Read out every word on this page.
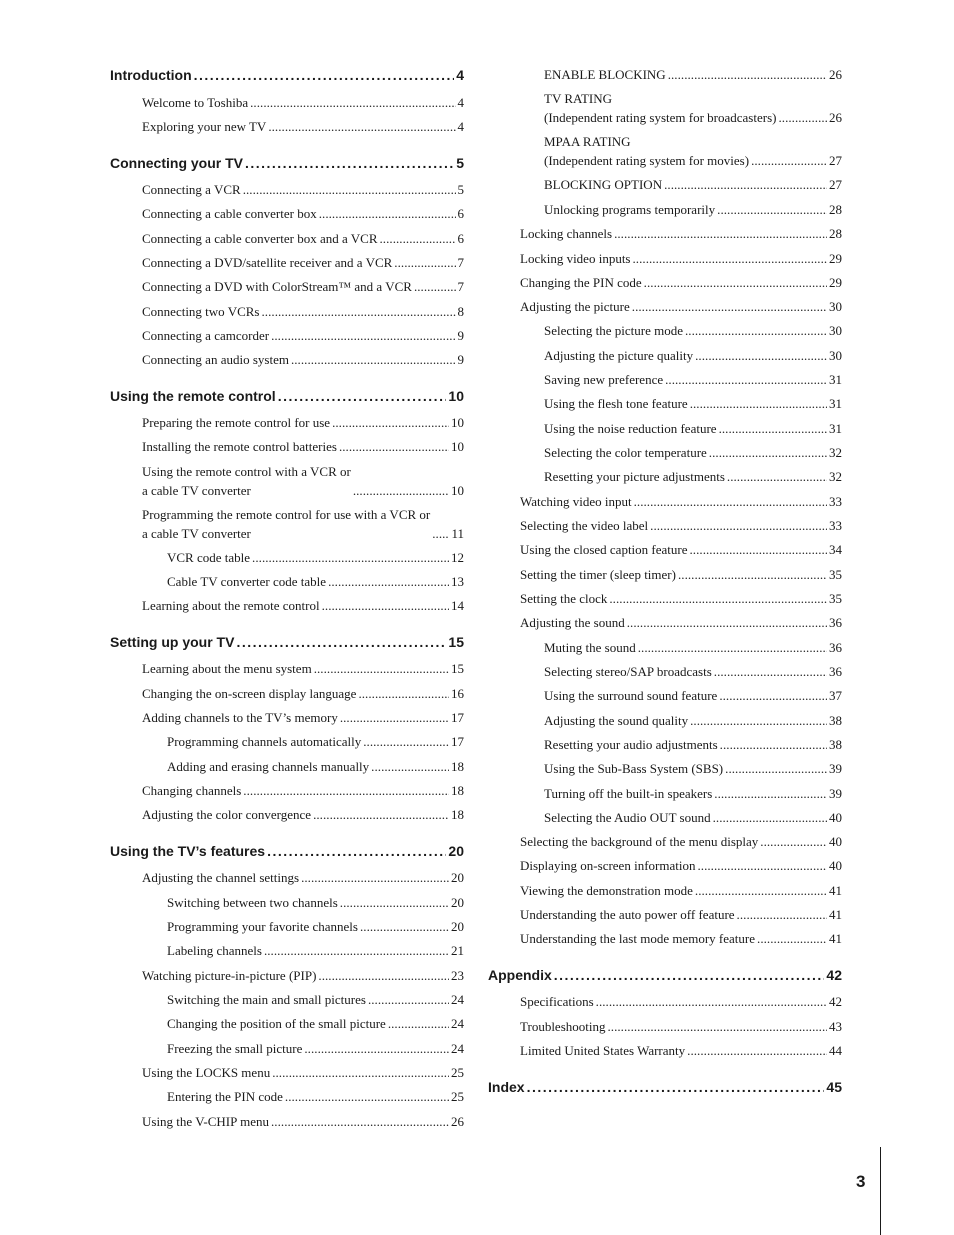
Introduction . . .	4
Welcome to Toshiba . . .	4
Exploring your new TV . . .	4
Connecting your TV . . .	5
Connecting a VCR . . .	5
Connecting a cable converter box . . .	6
Connecting a cable converter box and a VCR . . .	6
Connecting a DVD/satellite receiver and a VCR . . .	7
Connecting a DVD with ColorStream™ and a VCR . . .	7
Connecting two VCRs . . .	8
Connecting a camcorder . . .	9
Connecting an audio system . . .	9
Using the remote control . . .	10
Preparing the remote control for use . . .	10
Installing the remote control batteries . . .	10
Using the remote control with a VCR or
a cable TV converter . . .	10
Programming the remote control for use with a VCR or
a cable TV converter . . .	11
VCR code table . . .	12
Cable TV converter code table . . .	13
Learning about the remote control . . .	14
Setting up your TV . . .	15
Learning about the menu system . . .	15
Changing the on-screen display language . . .	16
Adding channels to the TV’s memory . . .	17
Programming channels automatically . . .	17
Adding and erasing channels manually . . .	18
Changing channels . . .	18
Adjusting the color convergence . . .	18
Using the TV’s features . . .	20
Adjusting the channel settings . . .	20
Switching between two channels . . .	20
Programming your favorite channels . . .	20
Labeling channels . . .	21
Watching picture-in-picture (PIP) . . .	23
Switching the main and small pictures . . .	24
Changing the position of the small picture . . .	24
Freezing the small picture . . .	24
Using the LOCKS menu . . .	25
Entering the PIN code . . .	25
Using the V-CHIP menu . . .	26
ENABLE BLOCKING . . .	26
TV RATING
(Independent rating system for broadcasters) . . .	26
MPAA RATING
(Independent rating system for movies) . . .	27
BLOCKING OPTION . . .	27
Unlocking programs temporarily . . .	28
Locking channels . . .	28
Locking video inputs . . .	29
Changing the PIN code . . .	29
Adjusting the picture . . .	30
Selecting the picture mode . . .	30
Adjusting the picture quality . . .	30
Saving new preference . . .	31
Using the flesh tone feature . . .	31
Using the noise reduction feature . . .	31
Selecting the color temperature . . .	32
Resetting your picture adjustments . . .	32
Watching video input . . .	33
Selecting the video label . . .	33
Using the closed caption feature . . .	34
Setting the timer (sleep timer) . . .	35
Setting the clock . . .	35
Adjusting the sound . . .	36
Muting the sound . . .	36
Selecting stereo/SAP broadcasts . . .	36
Using the surround sound feature . . .	37
Adjusting the sound quality . . .	38
Resetting your audio adjustments . . .	38
Using the Sub-Bass System (SBS) . . .	39
Turning off the built-in speakers . . .	39
Selecting the Audio OUT sound . . .	40
Selecting the background of the menu display . . .	40
Displaying on-screen information . . .	40
Viewing the demonstration mode . . .	41
Understanding the auto power off feature . . .	41
Understanding the last mode memory feature . . .	41
Appendix . . .	42
Specifications . . .	42
Troubleshooting . . .	43
Limited United States Warranty . . .	44
Index . . .	45
3
